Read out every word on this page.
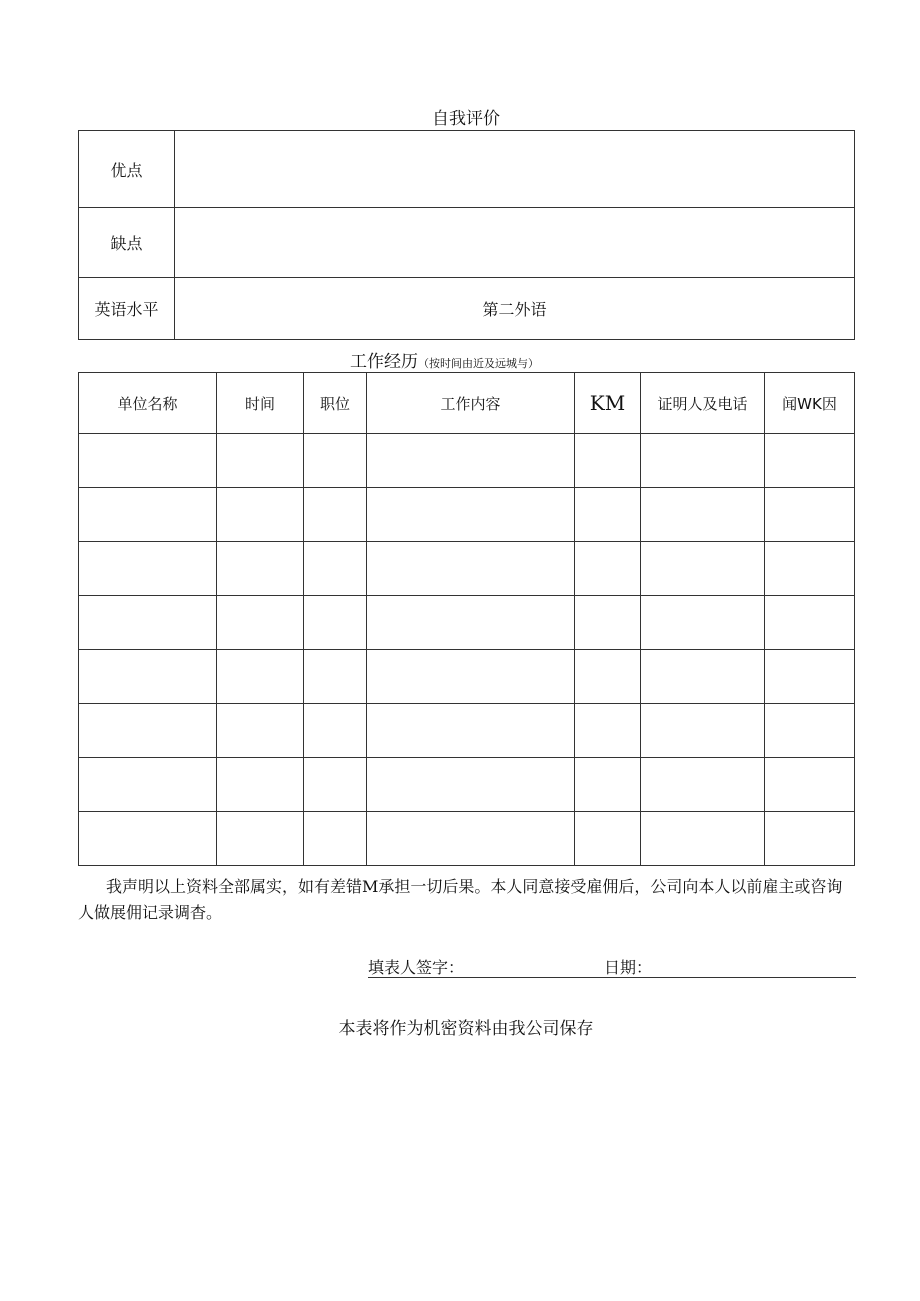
自我评价
优点	
缺点	
英语水平	第二外语
工作经历（按时间由近及远城与）
单位名称	时间	职位	工作内容	KM	证明人及电话	闻WK因

我声明以上资料全部属实，如有差错M承担一切后果。本人同意接受雇佣后，公司向本人以前雇主或咨询人做展佣记录调杳。
填表人签字：	日期：
本表将作为机密资料由我公司保存
